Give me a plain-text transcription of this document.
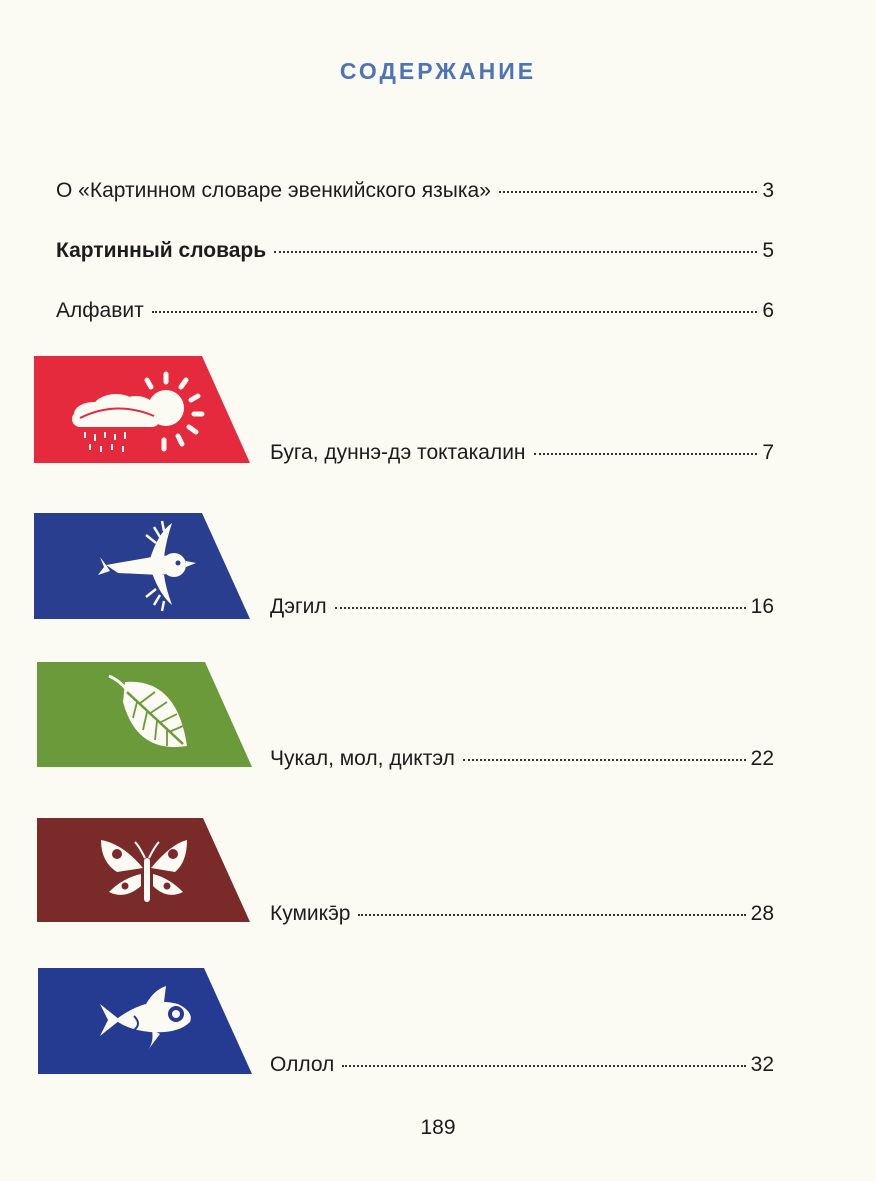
СОДЕРЖАНИЕ
О «Картинном словаре эвенкийского языка»	3
Картинный словарь	5
Алфавит	6
Буга, дуннэ-дэ токтакалин	7
Дэгил	16
Чукал, мол, диктэл	22
Кумикэ̄р	28
Оллол	32
189
